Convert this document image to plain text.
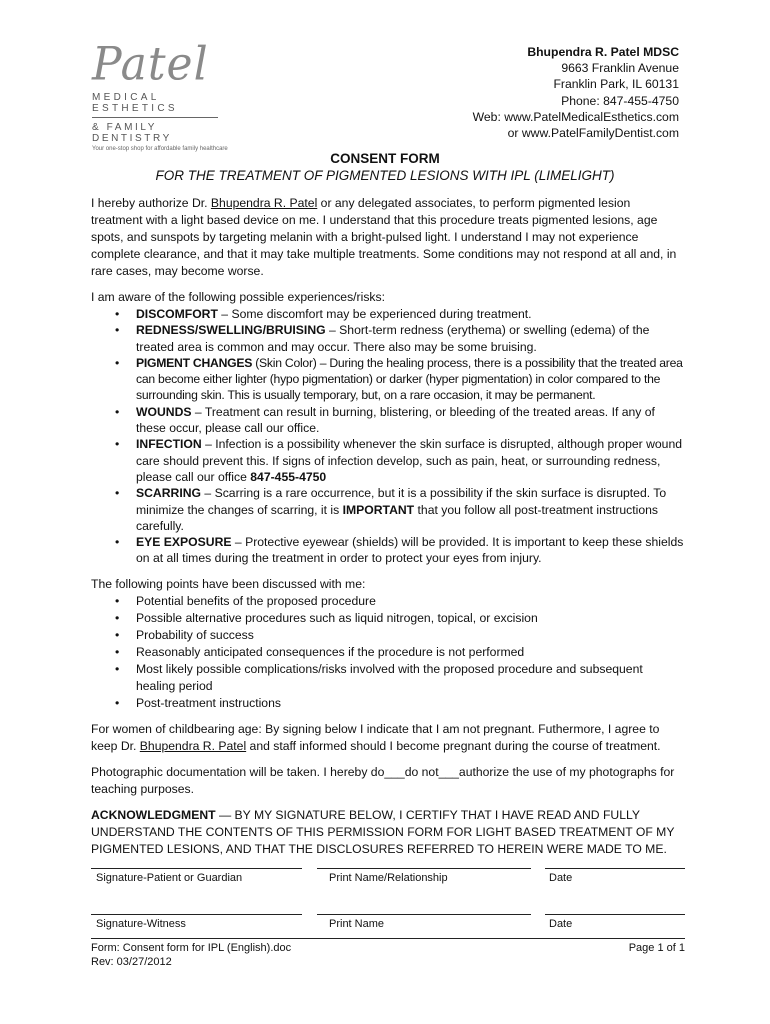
Patel
MEDICAL ESTHETICS
& FAMILY DENTISTRY
Your one-stop shop for affordable family healthcare
Bhupendra R. Patel MDSC
9663 Franklin Avenue
Franklin Park, IL 60131
Phone: 847-455-4750
Web: www.PatelMedicalEsthetics.com
or www.PatelFamilyDentist.com
CONSENT FORM
FOR THE TREATMENT OF PIGMENTED LESIONS WITH IPL (LIMELIGHT)

I hereby authorize Dr. Bhupendra R. Patel or any delegated associates, to perform pigmented lesion treatment with a light based device on me. I understand that this procedure treats pigmented lesions, age spots, and sunspots by targeting melanin with a bright-pulsed light. I understand I may not experience complete clearance, and that it may take multiple treatments. Some conditions may not respond at all and, in rare cases, may become worse.

I am aware of the following possible experiences/risks:
• DISCOMFORT – Some discomfort may be experienced during treatment.
• REDNESS/SWELLING/BRUISING – Short-term redness (erythema) or swelling (edema) of the treated area is common and may occur. There also may be some bruising.
• PIGMENT CHANGES (Skin Color) – During the healing process, there is a possibility that the treated area can become either lighter (hypo pigmentation) or darker (hyper pigmentation) in color compared to the surrounding skin. This is usually temporary, but, on a rare occasion, it may be permanent.
• WOUNDS – Treatment can result in burning, blistering, or bleeding of the treated areas. If any of these occur, please call our office.
• INFECTION – Infection is a possibility whenever the skin surface is disrupted, although proper wound care should prevent this. If signs of infection develop, such as pain, heat, or surrounding redness, please call our office 847-455-4750
• SCARRING – Scarring is a rare occurrence, but it is a possibility if the skin surface is disrupted. To minimize the changes of scarring, it is IMPORTANT that you follow all post-treatment instructions carefully.
• EYE EXPOSURE – Protective eyewear (shields) will be provided. It is important to keep these shields on at all times during the treatment in order to protect your eyes from injury.
The following points have been discussed with me:
• Potential benefits of the proposed procedure
• Possible alternative procedures such as liquid nitrogen, topical, or excision
• Probability of success
• Reasonably anticipated consequences if the procedure is not performed
• Most likely possible complications/risks involved with the proposed procedure and subsequent healing period
• Post-treatment instructions

For women of childbearing age: By signing below I indicate that I am not pregnant. Futhermore, I agree to keep Dr. Bhupendra R. Patel and staff informed should I become pregnant during the course of treatment.

Photographic documentation will be taken. I hereby do___do not___authorize the use of my photographs for teaching purposes.

ACKNOWLEDGMENT — BY MY SIGNATURE BELOW, I CERTIFY THAT I HAVE READ AND FULLY UNDERSTAND THE CONTENTS OF THIS PERMISSION FORM FOR LIGHT BASED TREATMENT OF MY PIGMENTED LESIONS, AND THAT THE DISCLOSURES REFERRED TO HEREIN WERE MADE TO ME.

Signature-Patient or Guardian	Print Name/Relationship	Date
Signature-Witness	Print Name	Date
Form: Consent form for IPL (English).doc	Page 1 of 1
Rev: 03/27/2012
